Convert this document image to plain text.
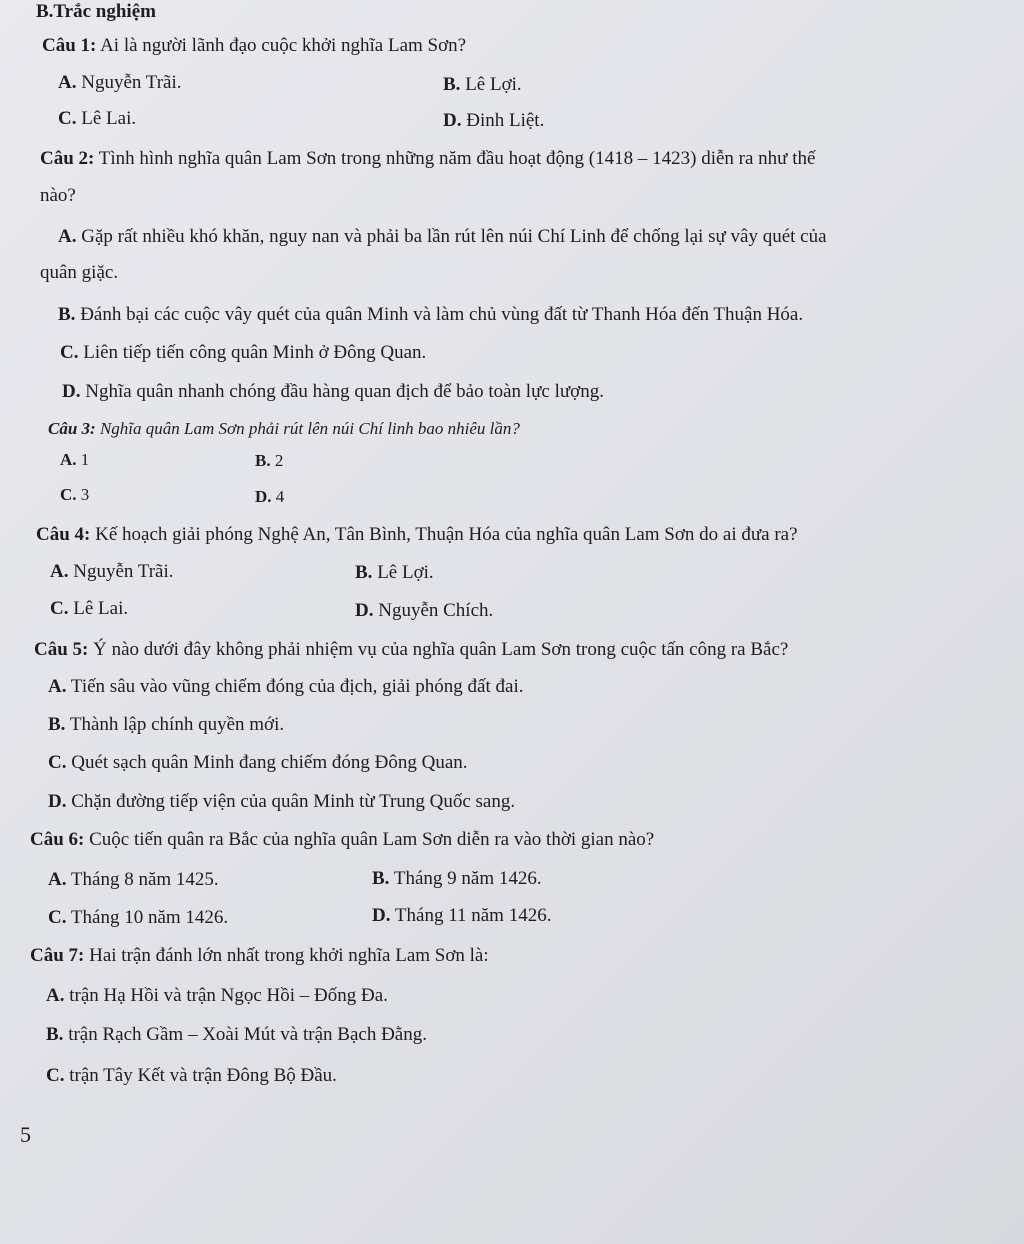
B.Trắc nghiệm
Câu 1: Ai là người lãnh đạo cuộc khởi nghĩa Lam Sơn?
A. Nguyễn Trãi.	B. Lê Lợi.
C. Lê Lai.	D. Đinh Liệt.
Câu 2: Tình hình nghĩa quân Lam Sơn trong những năm đầu hoạt động (1418 – 1423) diễn ra như thế
nào?
A. Gặp rất nhiều khó khăn, nguy nan và phải ba lần rút lên núi Chí Linh để chống lại sự vây quét của
quân giặc.
B. Đánh bại các cuộc vây quét của quân Minh và làm chủ vùng đất từ Thanh Hóa đến Thuận Hóa.
C. Liên tiếp tiến công quân Minh ở Đông Quan.
D. Nghĩa quân nhanh chóng đầu hàng quan địch để bảo toàn lực lượng.
Câu 3: Nghĩa quân Lam Sơn phải rút lên núi Chí linh bao nhiêu lần?
A. 1	B. 2
C. 3	D. 4
Câu 4: Kế hoạch giải phóng Nghệ An, Tân Bình, Thuận Hóa của nghĩa quân Lam Sơn do ai đưa ra?
A. Nguyễn Trãi.	B. Lê Lợi.
C. Lê Lai.	D. Nguyễn Chích.
Câu 5: Ý nào dưới đây không phải nhiệm vụ của nghĩa quân Lam Sơn trong cuộc tấn công ra Bắc?
A. Tiến sâu vào vũng chiếm đóng của địch, giải phóng đất đai.
B. Thành lập chính quyền mới.
C. Quét sạch quân Minh đang chiếm đóng Đông Quan.
D. Chặn đường tiếp viện của quân Minh từ Trung Quốc sang.
Câu 6: Cuộc tiến quân ra Bắc của nghĩa quân Lam Sơn diễn ra vào thời gian nào?
A. Tháng 8 năm 1425.	B. Tháng 9 năm 1426.
C. Tháng 10 năm 1426.	D. Tháng 11 năm 1426.
Câu 7: Hai trận đánh lớn nhất trong khởi nghĩa Lam Sơn là:
A. trận Hạ Hồi và trận Ngọc Hồi – Đống Đa.
B. trận Rạch Gầm – Xoài Mút và trận Bạch Đằng.
C. trận Tây Kết và trận Đông Bộ Đầu.
5
